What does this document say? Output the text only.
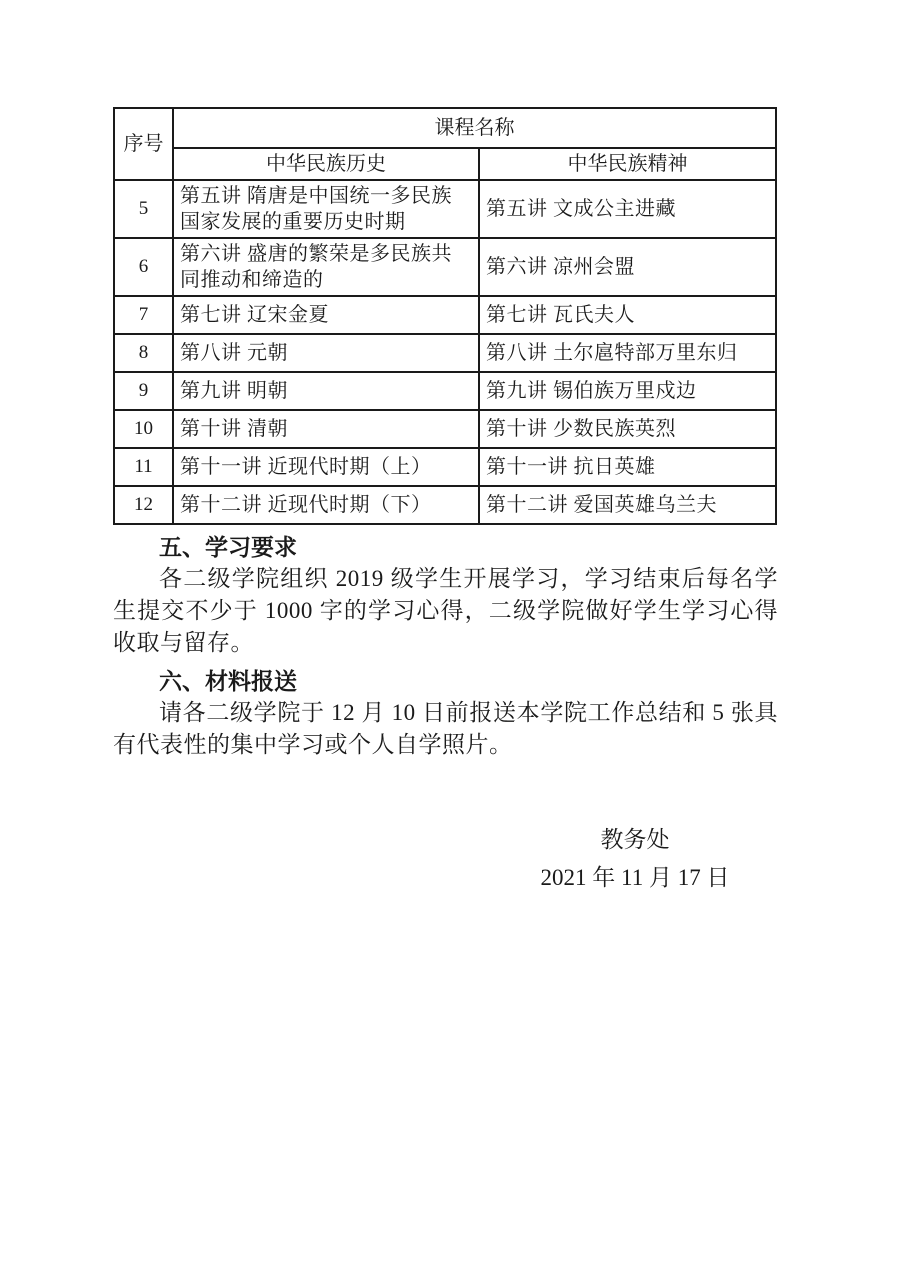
序号	课程名称	
	中华民族历史	中华民族精神
5	第五讲 隋唐是中国统一多民族国家发展的重要历史时期	第五讲 文成公主进藏
6	第六讲 盛唐的繁荣是多民族共同推动和缔造的	第六讲 凉州会盟
7	第七讲 辽宋金夏	第七讲 瓦氏夫人
8	第八讲 元朝	第八讲 土尔扈特部万里东归
9	第九讲 明朝	第九讲 锡伯族万里戍边
10	第十讲 清朝	第十讲 少数民族英烈
11	第十一讲 近现代时期（上）	第十一讲 抗日英雄
12	第十二讲 近现代时期（下）	第十二讲 爱国英雄乌兰夫
五、学习要求

各二级学院组织 2019 级学生开展学习，学习结束后每名学生提交不少于 1000 字的学习心得，二级学院做好学生学习心得收取与留存。

六、材料报送

请各二级学院于 12 月 10 日前报送本学院工作总结和 5 张具有代表性的集中学习或个人自学照片。

教务处
2021 年 11 月 17 日
